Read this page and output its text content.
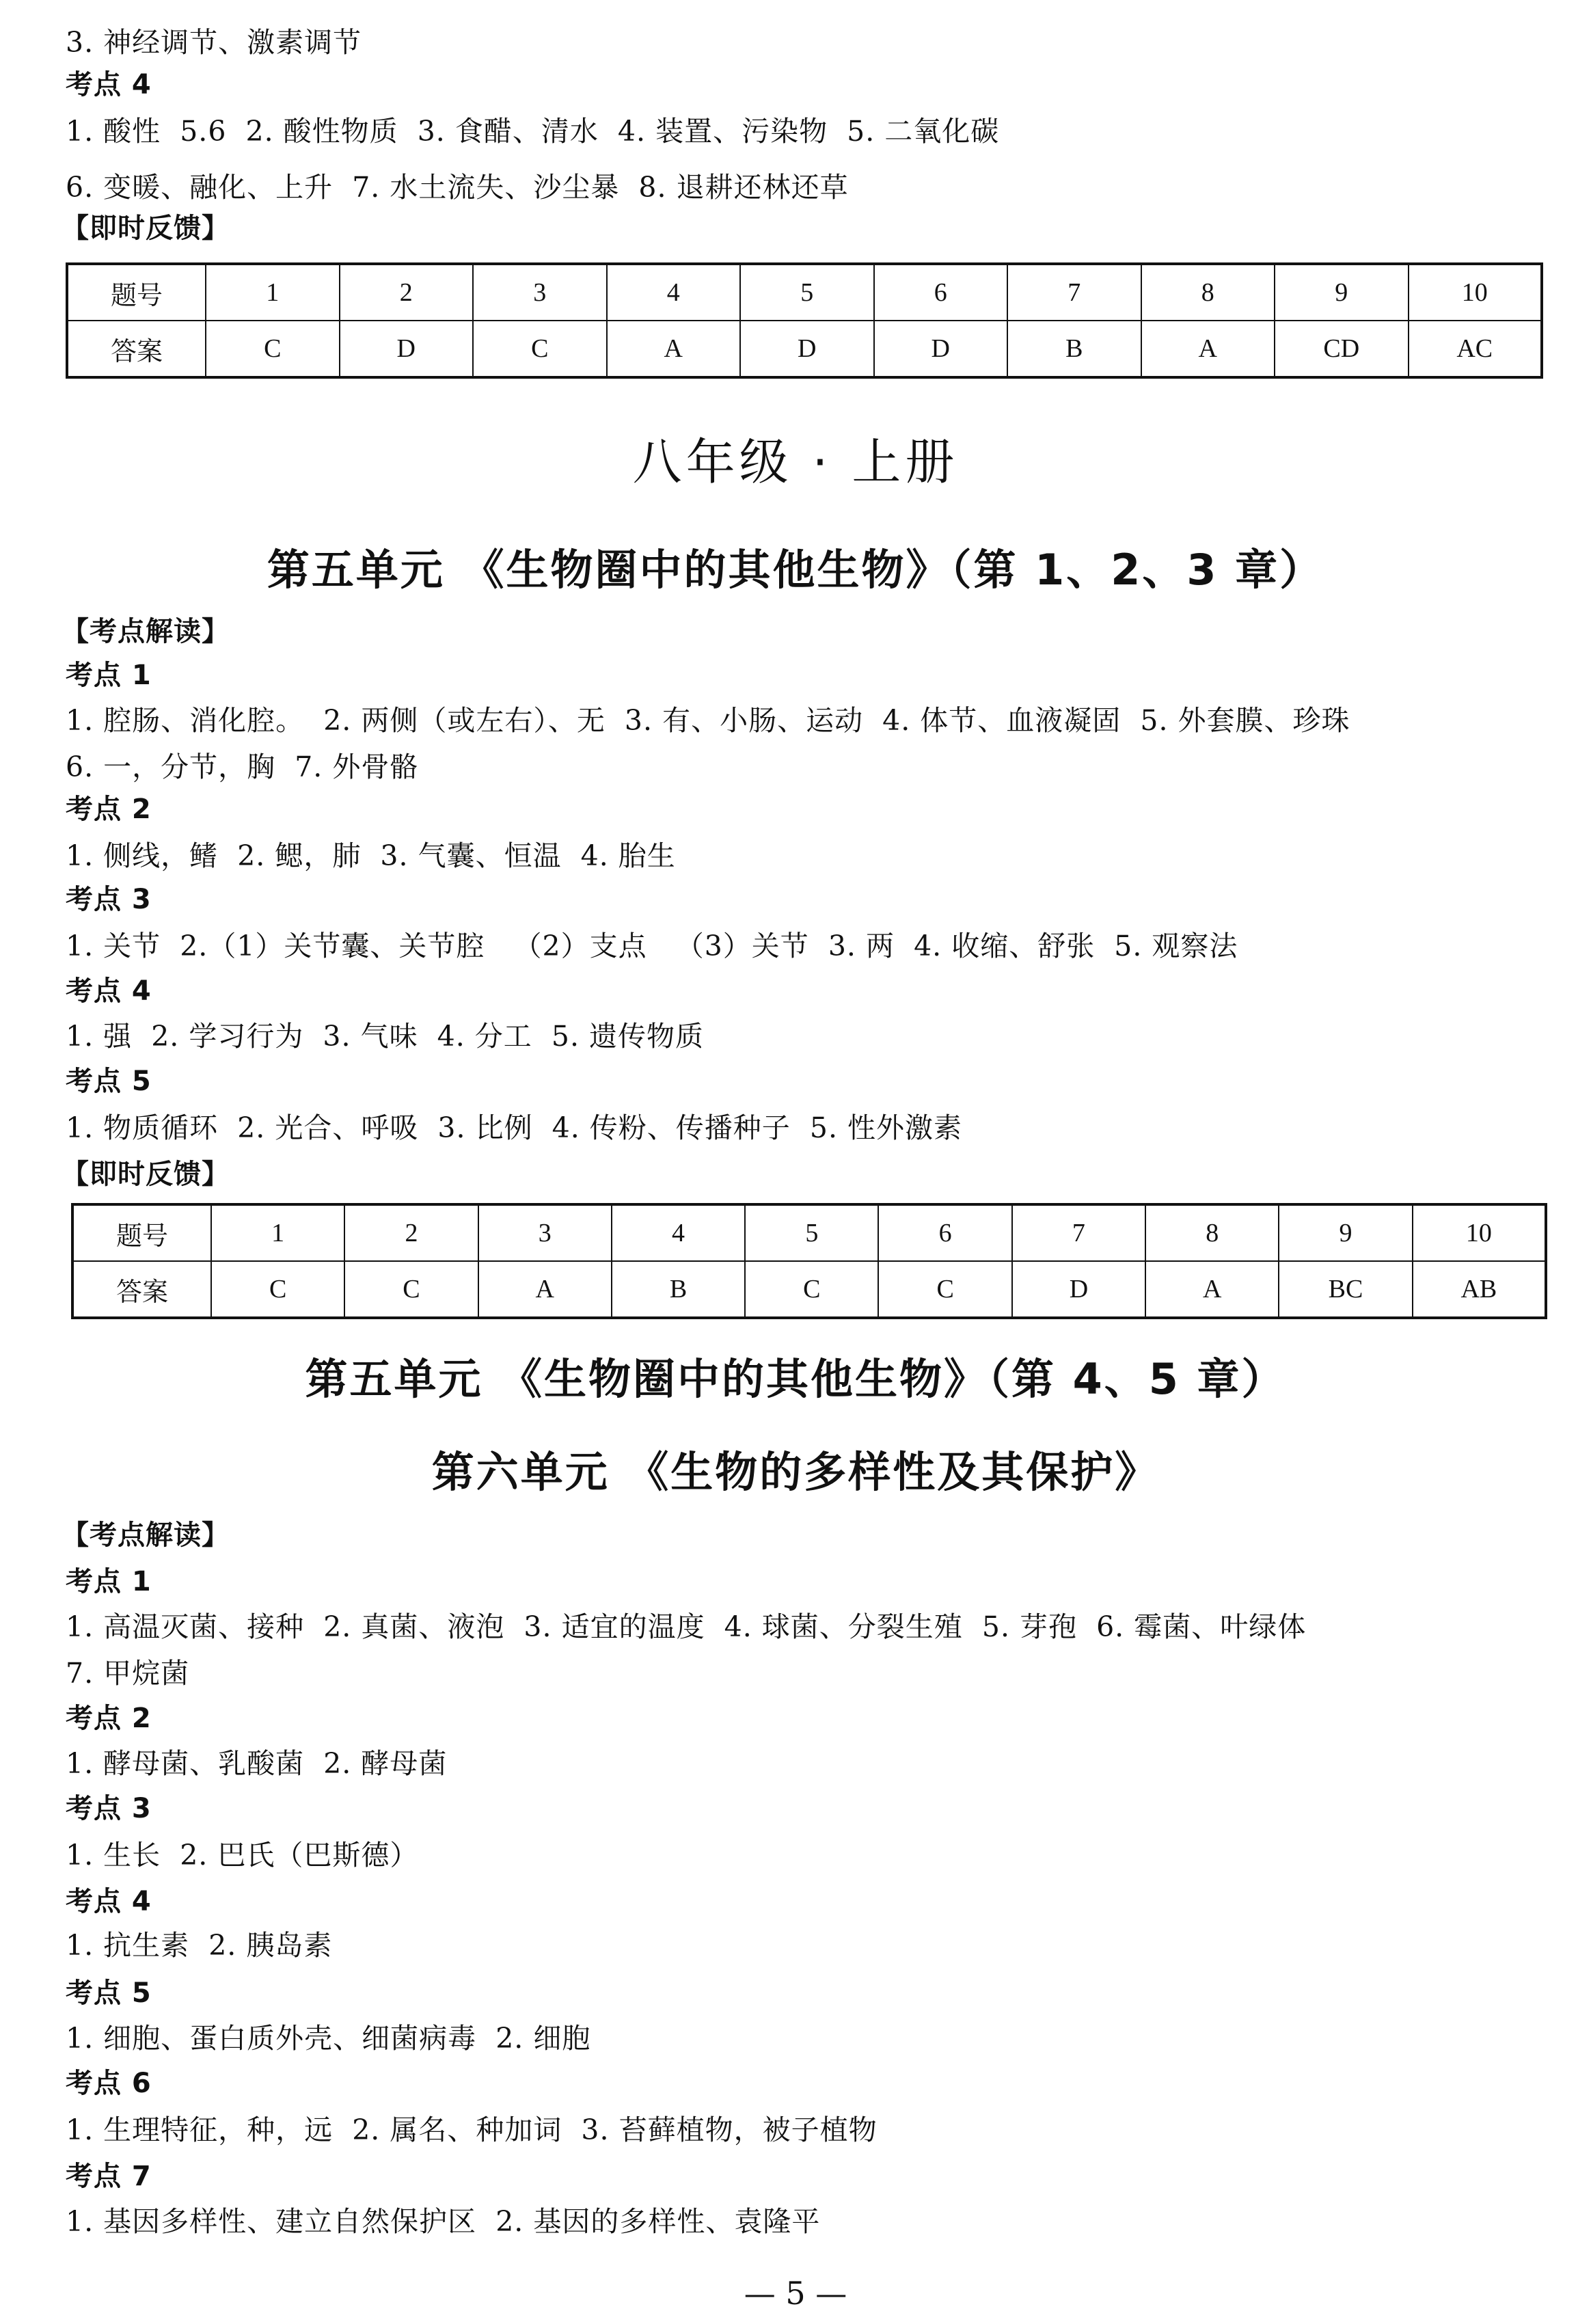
3. 神经调节、激素调节
考点 4
1. 酸性  5.6  2. 酸性物质  3. 食醋、清水  4. 装置、污染物  5. 二氧化碳
6. 变暖、融化、上升  7. 水土流失、沙尘暴  8. 退耕还林还草
【即时反馈】
题号	1	2	3	4	5	6	7	8	9	10
答案	C	D	C	A	D	D	B	A	CD	AC
八年级 · 上册
第五单元 《生物圈中的其他生物》（第 1、2、3 章）
【考点解读】
考点 1
1. 腔肠、消化腔。  2. 两侧（或左右）、无  3. 有、小肠、运动  4. 体节、血液凝固  5. 外套膜、珍珠
6. 一，分节，胸  7. 外骨骼
考点 2
1. 侧线，鳍  2. 鳃，肺  3. 气囊、恒温  4. 胎生
考点 3
1. 关节  2.（1）关节囊、关节腔   （2）支点   （3）关节  3. 两  4. 收缩、舒张  5. 观察法
考点 4
1. 强  2. 学习行为  3. 气味  4. 分工  5. 遗传物质
考点 5
1. 物质循环  2. 光合、呼吸  3. 比例  4. 传粉、传播种子  5. 性外激素
【即时反馈】
题号	1	2	3	4	5	6	7	8	9	10
答案	C	C	A	B	C	C	D	A	BC	AB
第五单元 《生物圈中的其他生物》（第 4、5 章）
第六单元 《生物的多样性及其保护》
【考点解读】
考点 1
1. 高温灭菌、接种  2. 真菌、液泡  3. 适宜的温度  4. 球菌、分裂生殖  5. 芽孢  6. 霉菌、叶绿体
7. 甲烷菌
考点 2
1. 酵母菌、乳酸菌  2. 酵母菌
考点 3
1. 生长  2. 巴氏（巴斯德）
考点 4
1. 抗生素  2. 胰岛素
考点 5
1. 细胞、蛋白质外壳、细菌病毒  2. 细胞
考点 6
1. 生理特征，种，远  2. 属名、种加词  3. 苔藓植物，被子植物
考点 7
1. 基因多样性、建立自然保护区  2. 基因的多样性、袁隆平
— 5 —
